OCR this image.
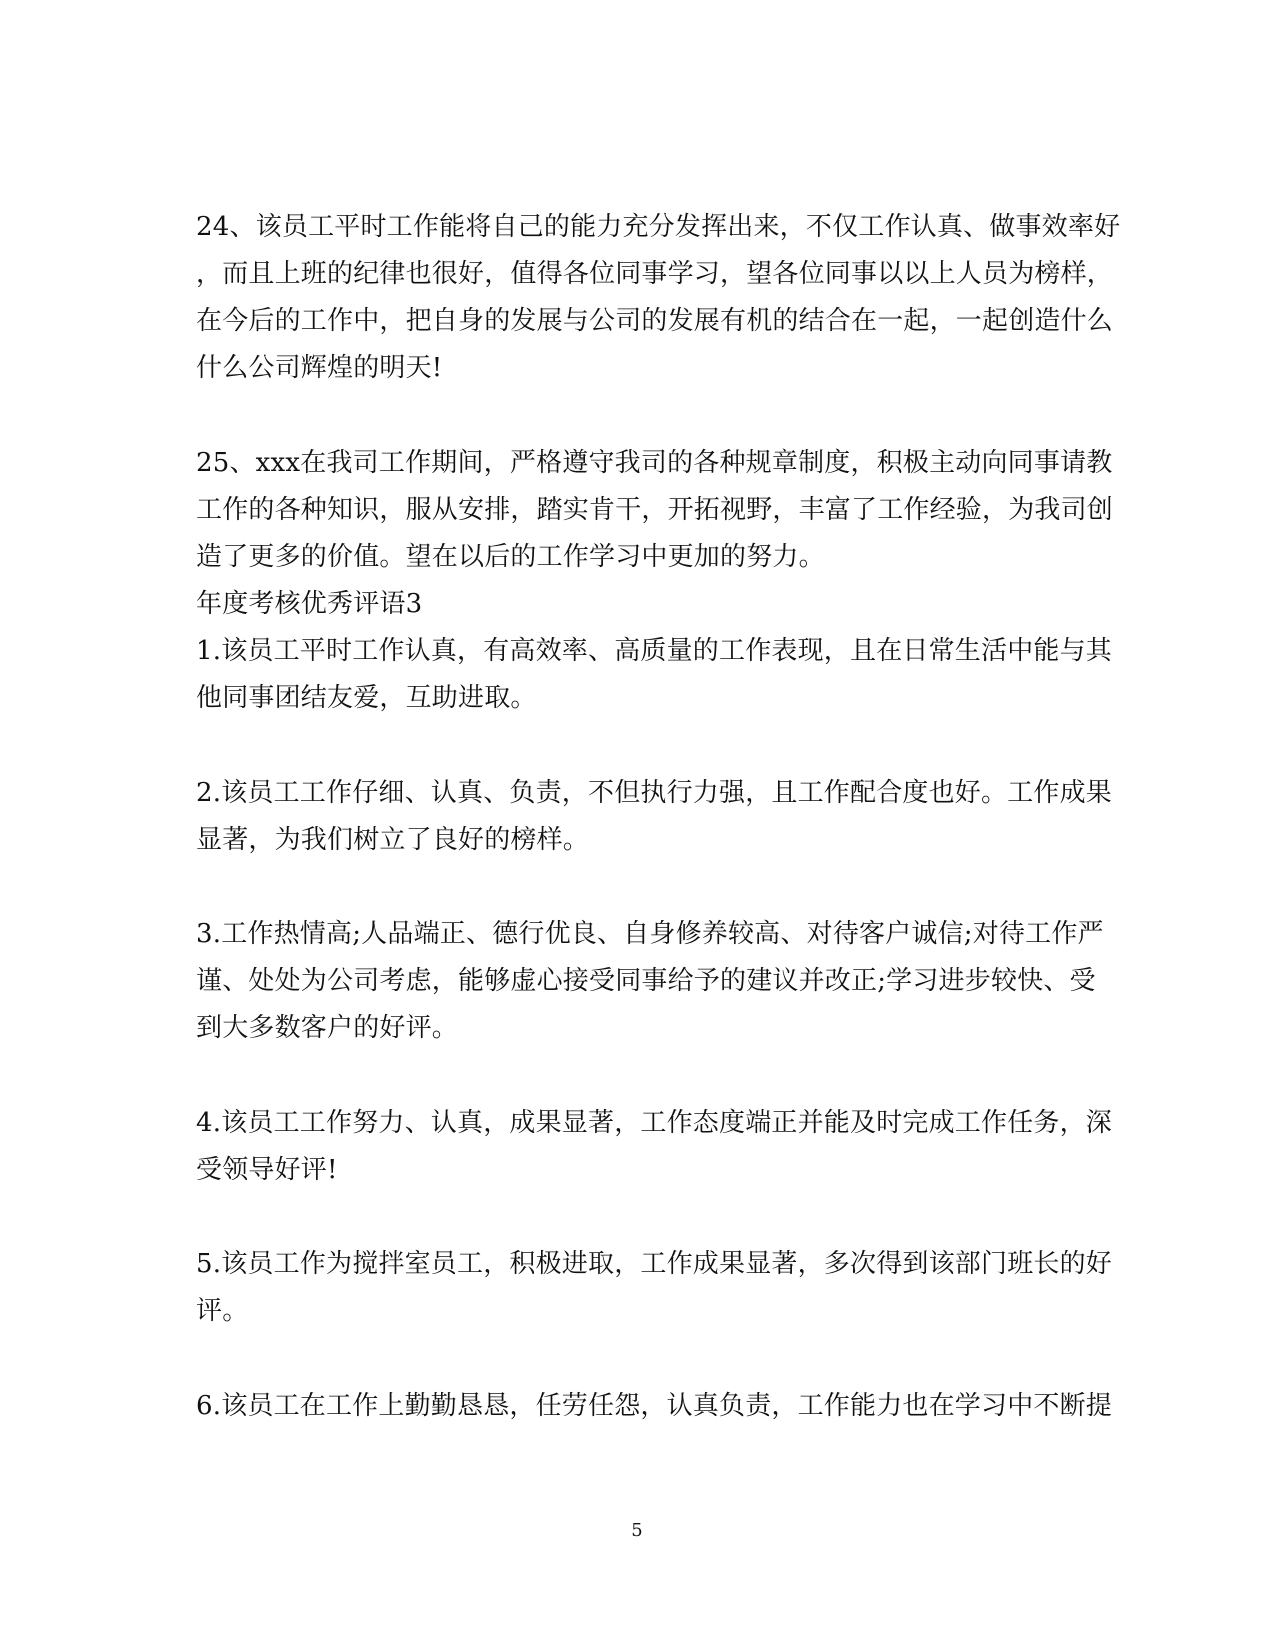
24、该员工平时工作能将自己的能力充分发挥出来，不仅工作认真、做事效率好
，而且上班的纪律也很好，值得各位同事学习，望各位同事以以上人员为榜样，
在今后的工作中，把自身的发展与公司的发展有机的结合在一起，一起创造什么
什么公司辉煌的明天!
25、xxx在我司工作期间，严格遵守我司的各种规章制度，积极主动向同事请教
工作的各种知识，服从安排，踏实肯干，开拓视野，丰富了工作经验，为我司创
造了更多的价值。望在以后的工作学习中更加的努力。
年度考核优秀评语3
1.该员工平时工作认真，有高效率、高质量的工作表现，且在日常生活中能与其
他同事团结友爱，互助进取。
2.该员工工作仔细、认真、负责，不但执行力强，且工作配合度也好。工作成果
显著，为我们树立了良好的榜样。
3.工作热情高;人品端正、德行优良、自身修养较高、对待客户诚信;对待工作严
谨、处处为公司考虑，能够虚心接受同事给予的建议并改正;学习进步较快、受
到大多数客户的好评。
4.该员工工作努力、认真，成果显著，工作态度端正并能及时完成工作任务，深
受领导好评!
5.该员工作为搅拌室员工，积极进取，工作成果显著，多次得到该部门班长的好
评。
6.该员工在工作上勤勤恳恳，任劳任怨，认真负责，工作能力也在学习中不断提
5
